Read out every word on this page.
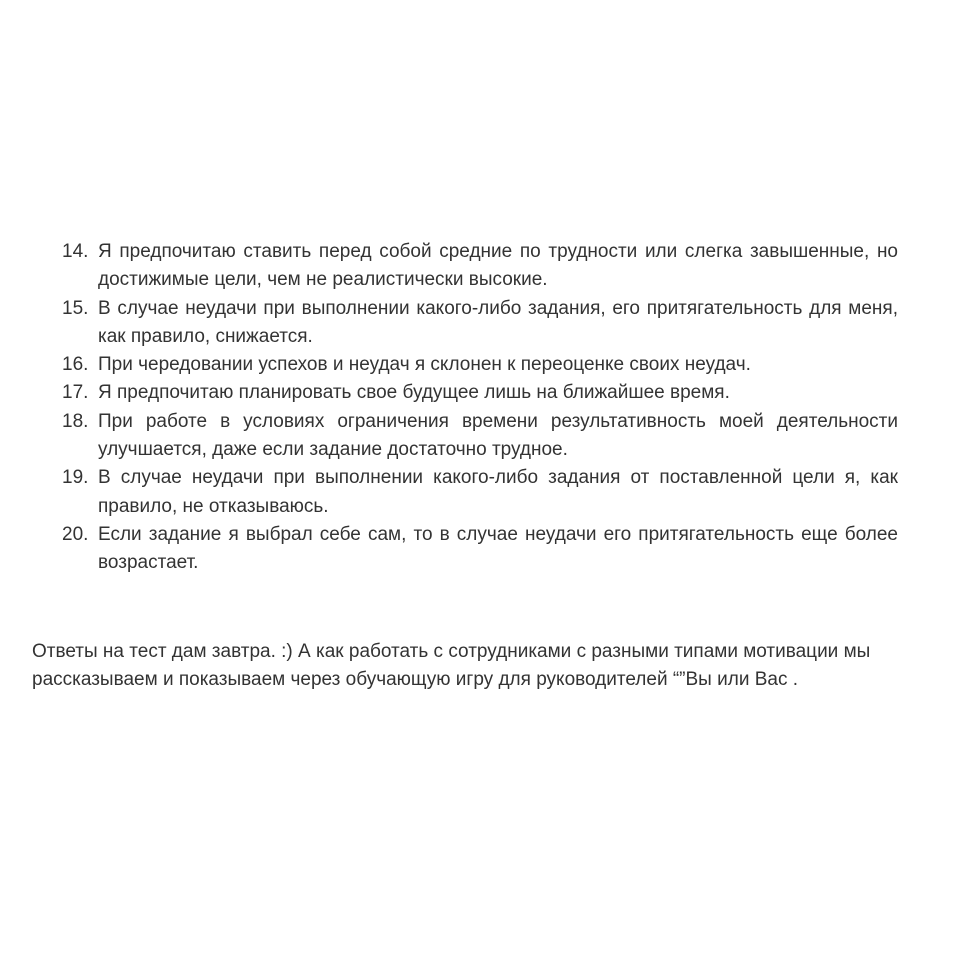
14. Я предпочитаю ставить перед собой средние по трудности или слегка завышенные, но достижимые цели, чем не реалистически высокие.
15. В случае неудачи при выполнении какого-либо задания, его притягательность для меня, как правило, снижается.
16. При чередовании успехов и неудач я склонен к переоценке своих неудач.
17. Я предпочитаю планировать свое будущее лишь на ближайшее время.
18. При работе в условиях ограничения времени результативность моей деятельности улучшается, даже если задание достаточно трудное.
19. В случае неудачи при выполнении какого-либо задания от поставленной цели я, как правило, не отказываюсь.
20. Если задание я выбрал себе сам, то в случае неудачи его притягательность еще более возрастает.

Ответы на тест дам завтра. :) А как работать с сотрудниками с разными типами мотивации мы рассказываем и показываем через обучающую игру для руководителей “”Вы или Вас .
